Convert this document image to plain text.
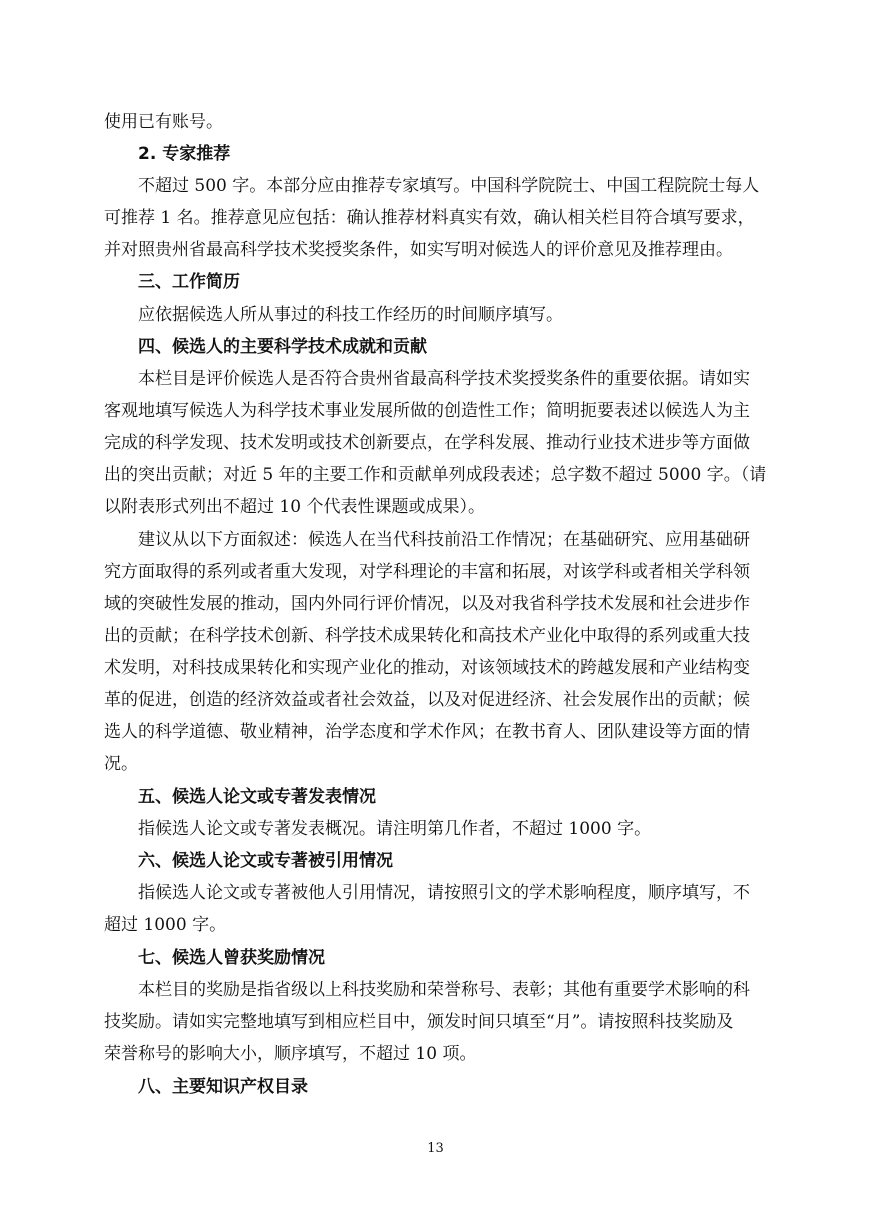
使用已有账号。
2. 专家推荐
不超过 500 字。本部分应由推荐专家填写。中国科学院院士、中国工程院院士每人
可推荐 1 名。推荐意见应包括：确认推荐材料真实有效，确认相关栏目符合填写要求，
并对照贵州省最高科学技术奖授奖条件，如实写明对候选人的评价意见及推荐理由。
三、工作简历
应依据候选人所从事过的科技工作经历的时间顺序填写。
四、候选人的主要科学技术成就和贡献
本栏目是评价候选人是否符合贵州省最高科学技术奖授奖条件的重要依据。请如实
客观地填写候选人为科学技术事业发展所做的创造性工作；简明扼要表述以候选人为主
完成的科学发现、技术发明或技术创新要点，在学科发展、推动行业技术进步等方面做
出的突出贡献；对近 5 年的主要工作和贡献单列成段表述；总字数不超过 5000 字。（请
以附表形式列出不超过 10 个代表性课题或成果）。
建议从以下方面叙述：候选人在当代科技前沿工作情况；在基础研究、应用基础研
究方面取得的系列或者重大发现，对学科理论的丰富和拓展，对该学科或者相关学科领
域的突破性发展的推动，国内外同行评价情况，以及对我省科学技术发展和社会进步作
出的贡献；在科学技术创新、科学技术成果转化和高技术产业化中取得的系列或重大技
术发明，对科技成果转化和实现产业化的推动，对该领域技术的跨越发展和产业结构变
革的促进，创造的经济效益或者社会效益，以及对促进经济、社会发展作出的贡献；候
选人的科学道德、敬业精神，治学态度和学术作风；在教书育人、团队建设等方面的情
况。
五、候选人论文或专著发表情况
指候选人论文或专著发表概况。请注明第几作者，不超过 1000 字。
六、候选人论文或专著被引用情况
指候选人论文或专著被他人引用情况，请按照引文的学术影响程度，顺序填写，不
超过 1000 字。
七、候选人曾获奖励情况
本栏目的奖励是指省级以上科技奖励和荣誉称号、表彰；其他有重要学术影响的科
技奖励。请如实完整地填写到相应栏目中，颁发时间只填至“月”。请按照科技奖励及
荣誉称号的影响大小，顺序填写，不超过 10 项。
八、主要知识产权目录
13
